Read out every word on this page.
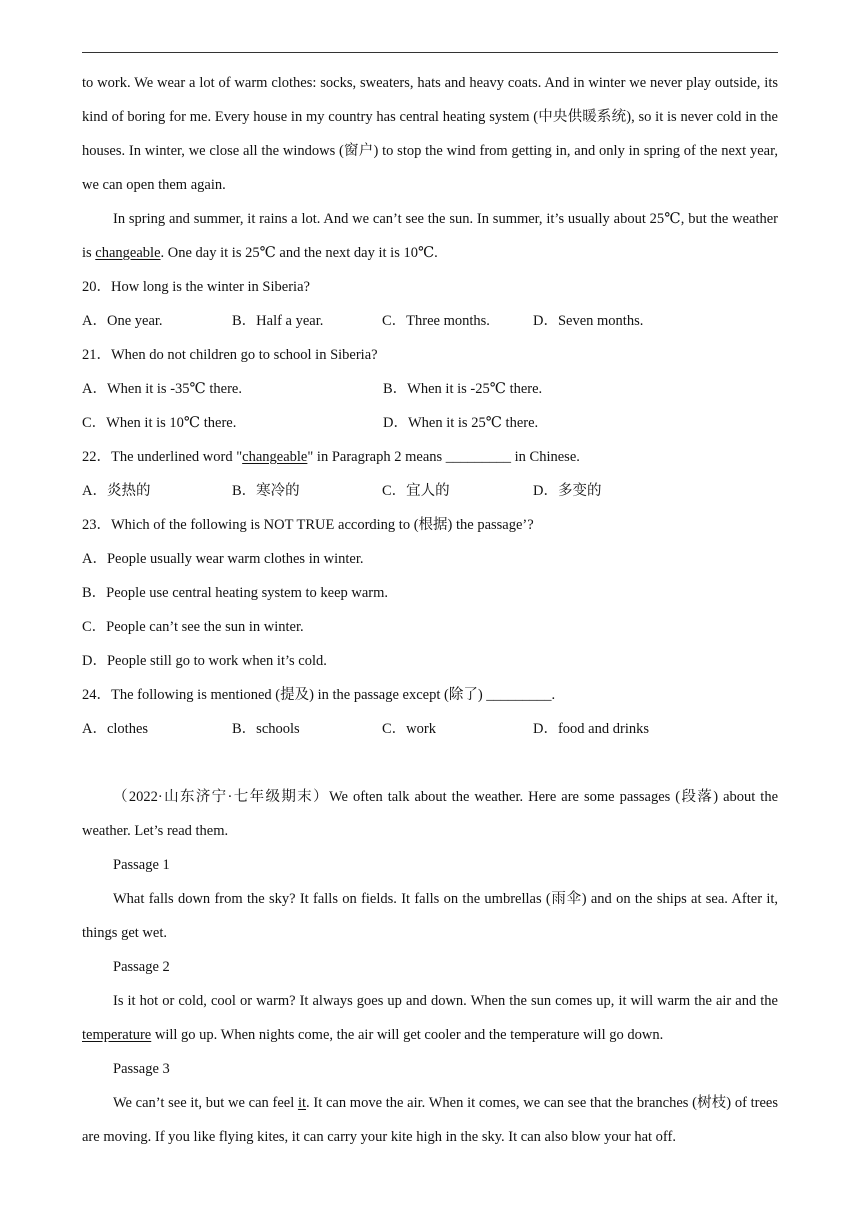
to work. We wear a lot of warm clothes: socks, sweaters, hats and heavy coats. And in winter we never play outside, its kind of boring for me. Every house in my country has central heating system (中央供暖系统), so it is never cold in the houses. In winter, we close all the windows (窗户) to stop the wind from getting in, and only in spring of the next year, we can open them again.

In spring and summer, it rains a lot. And we can’t see the sun. In summer, it’s usually about 25℃, but the weather is changeable. One day it is 25℃ and the next day it is 10℃.

20．How long is the winter in Siberia?

A．One year.	B．Half a year.	C．Three months.	D．Seven months.

21．When do not children go to school in Siberia?

A．When it is -35℃ there.	B．When it is -25℃ there.
C．When it is 10℃ there.	D．When it is 25℃ there.

22．The underlined word "changeable" in Paragraph 2 means _________ in Chinese.

A．炎热的	B．寒冷的	C．宜人的	D．多变的

23．Which of the following is NOT TRUE according to (根据) the passage’?

A．People usually wear warm clothes in winter.

B．People use central heating system to keep warm.

C．People can’t see the sun in winter.

D．People still go to work when it’s cold.

24．The following is mentioned (提及) in the passage except (除了) _________.

A．clothes	B．schools	C．work	D．food and drinks

（2022·山东济宁·七年级期末）We often talk about the weather. Here are some passages (段落) about the weather. Let’s read them.

Passage 1

What falls down from the sky? It falls on fields. It falls on the umbrellas (雨伞) and on the ships at sea. After it, things get wet.

Passage 2

Is it hot or cold, cool or warm? It always goes up and down. When the sun comes up, it will warm the air and the temperature will go up. When nights come, the air will get cooler and the temperature will go down.

Passage 3

We can’t see it, but we can feel it. It can move the air. When it comes, we can see that the branches (树枝) of trees are moving. If you like flying kites, it can carry your kite high in the sky. It can also blow your hat off.
